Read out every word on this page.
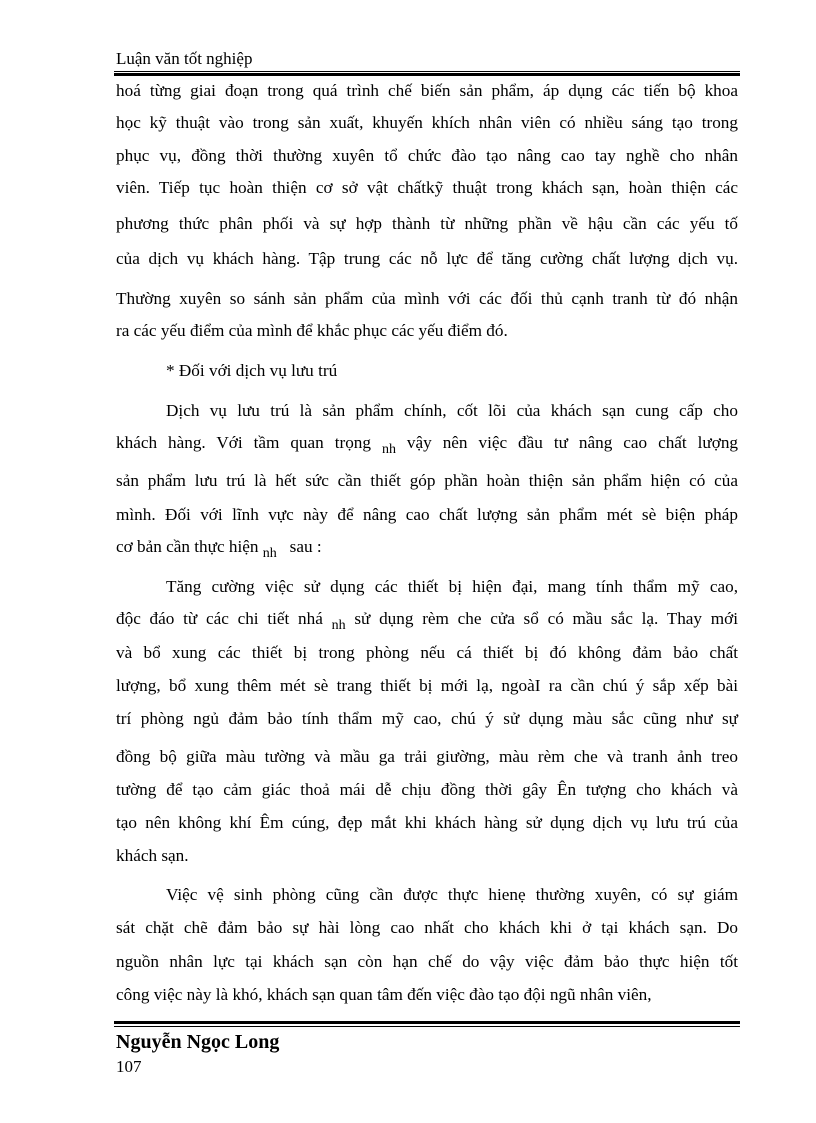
Luận văn tốt nghiệp
hoá từng giai đoạn trong quá trình chế biến sản phẩm, áp dụng các tiến bộ khoa
học kỹ thuật vào trong sản xuất, khuyến khích nhân viên có nhiều sáng tạo trong
phục vụ, đồng thời thường xuyên tổ chức đào tạo nâng cao tay nghề cho nhân
viên. Tiếp tục hoàn thiện cơ sở vật chấtkỹ thuật trong khách sạn, hoàn thiện các
phương thức phân phối và sự hợp thành từ những phần về hậu cần các yếu tố
của dịch vụ khách hàng. Tập trung các nỗ lực để tăng cường chất lượng dịch vụ.
Thường xuyên so sánh sản phẩm của mình với các đối thủ cạnh tranh từ đó nhận
ra các yếu điểm của mình để khắc phục các yếu điểm đó.
* Đối với dịch vụ lưu trú
Dịch vụ lưu trú là sản phẩm chính, cốt lõi của khách sạn cung cấp cho
khách hàng. Với tầm quan trọng $_{nh}$ vậy nên việc đầu tư nâng cao chất lượng
sản phẩm lưu trú là hết sức cần thiết góp phần hoàn thiện sản phẩm hiện có của
mình. Đối với lĩnh vực này để nâng cao chất lượng sản phẩm mét sè biện pháp
cơ bản cần thực hiện $_{nh}$ sau :
Tăng cường việc sử dụng các thiết bị hiện đại, mang tính thẩm mỹ cao,
độc đáo từ các chi tiết nhá $_{nh}$ sử dụng rèm che cửa sổ có mầu sắc lạ. Thay mới
và bổ xung các thiết bị trong phòng nếu cá thiết bị đó không đảm bảo chất
lượng, bổ xung thêm mét sè trang thiết bị mới lạ, ngoàI ra cần chú ý sắp xếp bài
trí phòng ngủ đảm bảo tính thẩm mỹ cao, chú ý sử dụng màu sắc cũng như sự
đồng bộ giữa màu tường và mầu ga trải giường, màu rèm che và tranh ảnh treo
tường để tạo cảm giác thoả mái dễ chịu đồng thời gây Ên tượng cho khách và
tạo nên không khí Êm cúng, đẹp mắt khi khách hàng sử dụng dịch vụ lưu trú của
khách sạn.
Việc vệ sinh phòng cũng cần được thực hienẹ thường xuyên, có sự giám
sát chặt chẽ đảm bảo sự hài lòng cao nhất cho khách khi ở tại khách sạn. Do
nguồn nhân lực tại khách sạn còn hạn chế do vậy việc đảm bảo thực hiện tốt
công việc này là khó, khách sạn quan tâm đến việc đào tạo đội ngũ nhân viên,
Nguyễn Ngọc Long
107
